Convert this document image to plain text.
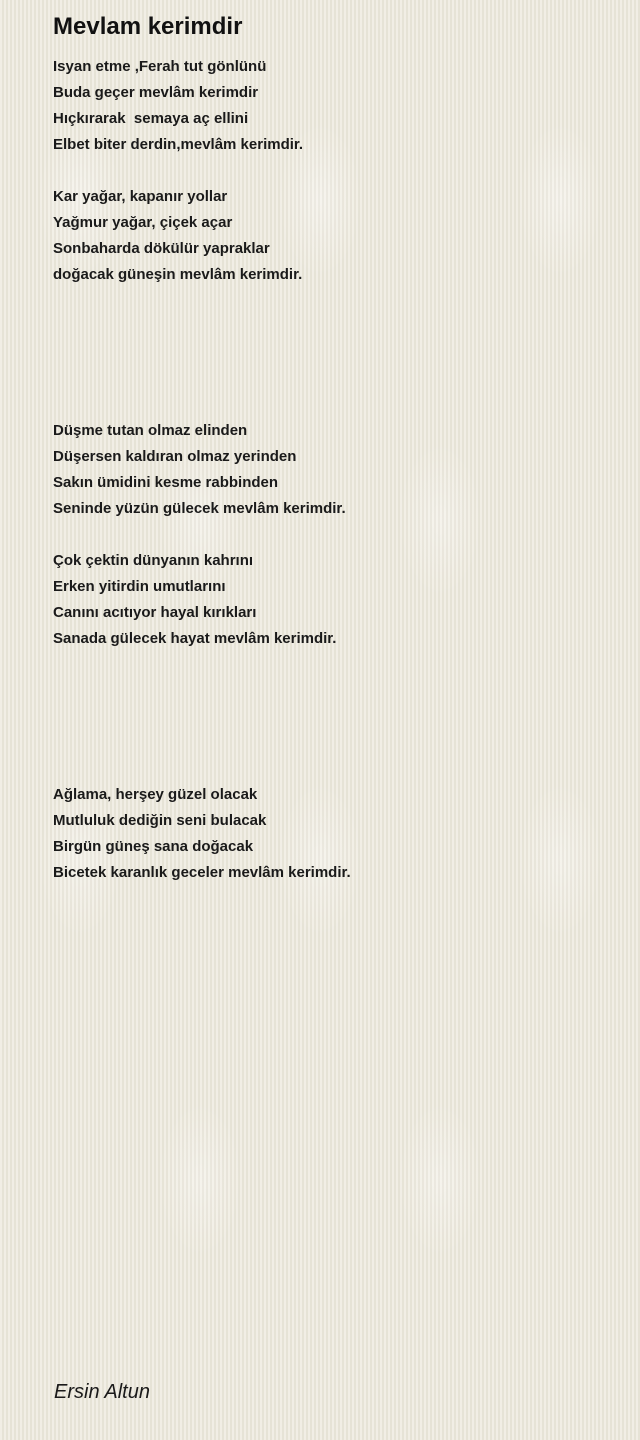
Mevlam kerimdir
Isyan etme ,Ferah tut gönlünü
Buda geçer mevlâm kerimdir
Hıçkırarak  semaya aç ellini
Elbet biter derdin,mevlâm kerimdir.
Kar yağar, kapanır yollar
Yağmur yağar, çiçek açar
Sonbaharda dökülür yapraklar
doğacak güneşin mevlâm kerimdir.
Düşme tutan olmaz elinden
Düşersen kaldıran olmaz yerinden
Sakın ümidini kesme rabbinden
Seninde yüzün gülecek mevlâm kerimdir.
Çok çektin dünyanın kahrını
Erken yitirdin umutlarını
Canını acıtıyor hayal kırıkları
Sanada gülecek hayat mevlâm kerimdir.
Ağlama, herşey güzel olacak
Mutluluk dediğin seni bulacak
Birgün güneş sana doğacak
Bicetek karanlık geceler mevlâm kerimdir.
Ersin Altun
